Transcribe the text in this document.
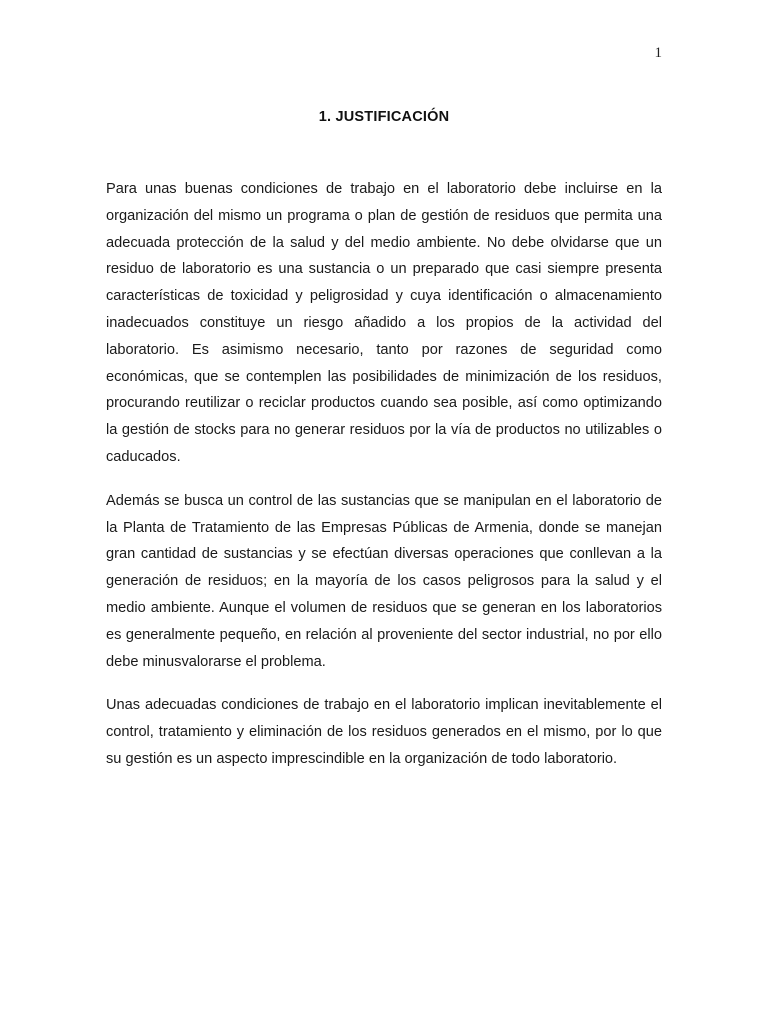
1
1. JUSTIFICACIÓN

Para unas buenas condiciones de trabajo en el laboratorio debe incluirse en la organización del mismo un programa o plan de gestión de residuos que permita una adecuada protección de la salud y del medio ambiente. No debe olvidarse que un residuo de laboratorio es una sustancia o un preparado que casi siempre presenta características de toxicidad y peligrosidad y cuya identificación o almacenamiento inadecuados constituye un riesgo añadido a los propios de la actividad del laboratorio. Es asimismo necesario, tanto por razones de seguridad como económicas, que se contemplen las posibilidades de minimización de los residuos, procurando reutilizar o reciclar productos cuando sea posible, así como optimizando la gestión de stocks para no generar residuos por la vía de productos no utilizables o caducados.

Además se busca un control de las sustancias que se manipulan en el laboratorio de la Planta de Tratamiento de las Empresas Públicas de Armenia, donde se manejan gran cantidad de sustancias y se efectúan diversas operaciones que conllevan a la generación de residuos; en la mayoría de los casos peligrosos para la salud y el medio ambiente. Aunque el volumen de residuos que se generan en los laboratorios es generalmente pequeño, en relación al proveniente del sector industrial, no por ello debe minusvalorarse el problema.

Unas adecuadas condiciones de trabajo en el laboratorio implican inevitablemente el control, tratamiento y eliminación de los residuos generados en el mismo, por lo que su gestión es un aspecto imprescindible en la organización de todo laboratorio.
